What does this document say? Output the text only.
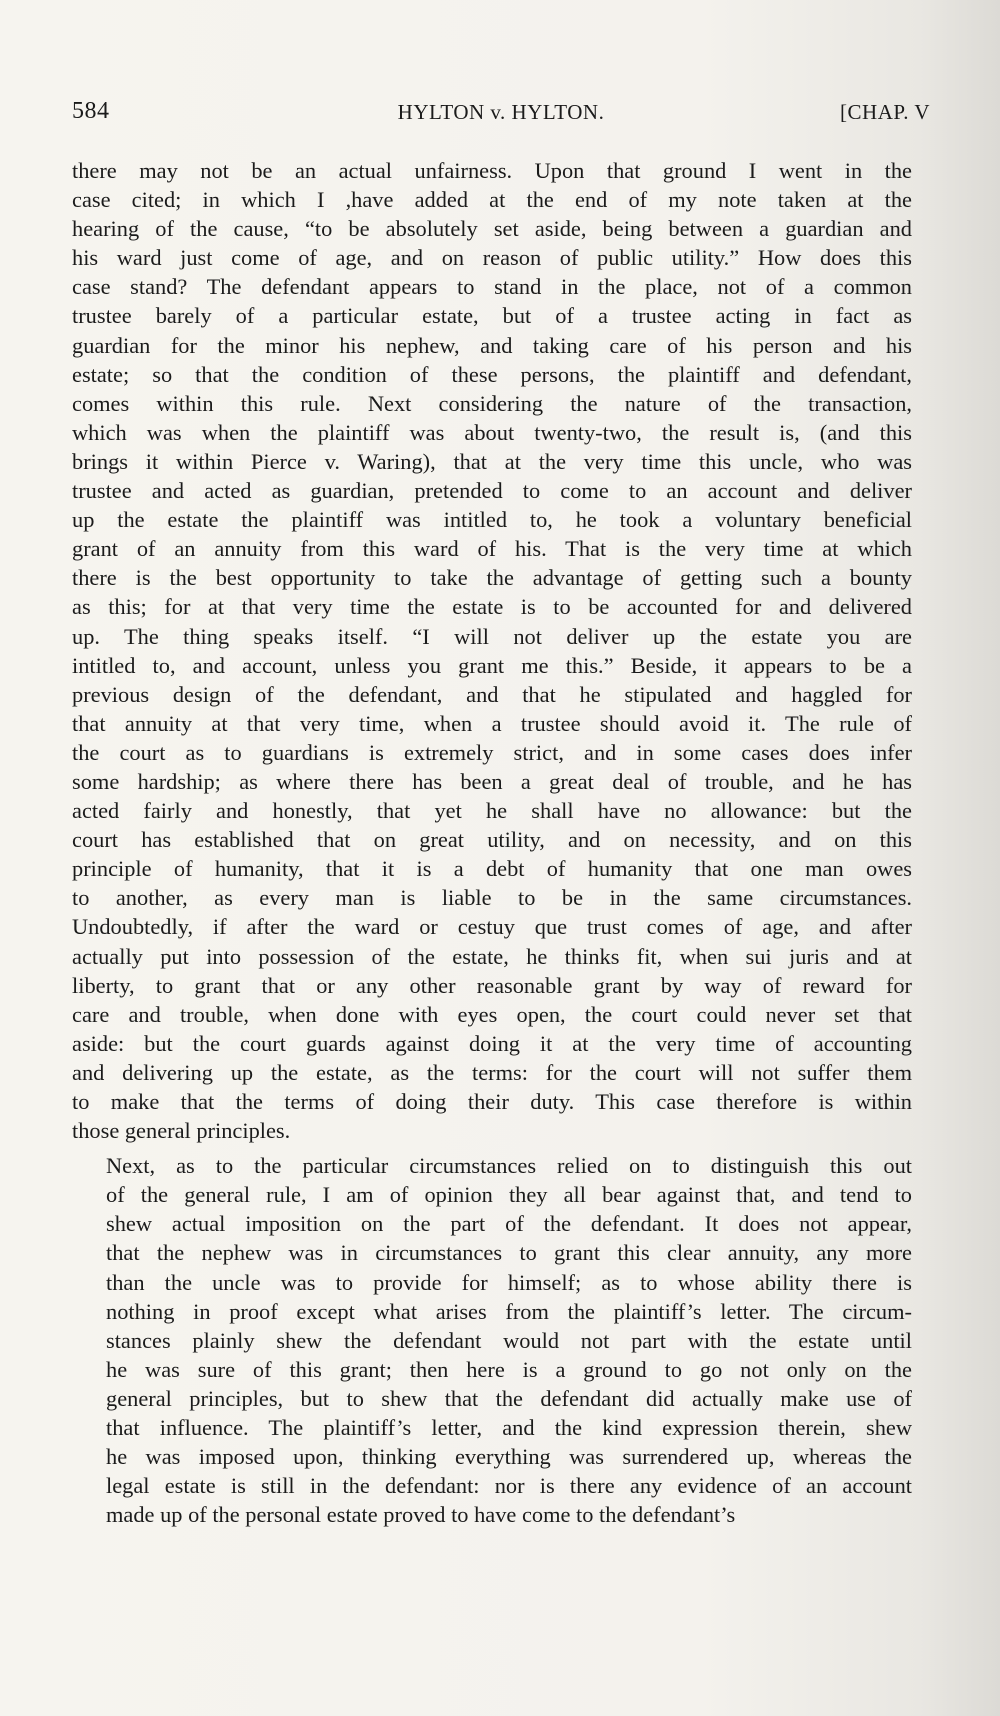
584	HYLTON v. HYLTON.	[CHAP. V

there may not be an actual unfairness. Upon that ground I went in the
case cited; in which I ,have added at the end of my note taken at the
hearing of the cause, “to be absolutely set aside, being between a guardian and
his ward just come of age, and on reason of public utility.” How does this
case stand? The defendant appears to stand in the place, not of a common
trustee barely of a particular estate, but of a trustee acting in fact as
guardian for the minor his nephew, and taking care of his person and his
estate; so that the condition of these persons, the plaintiff and defendant,
comes within this rule. Next considering the nature of the transaction,
which was when the plaintiff was about twenty-two, the result is, (and this
brings it within Pierce v. Waring), that at the very time this uncle, who was
trustee and acted as guardian, pretended to come to an account and deliver
up the estate the plaintiff was intitled to, he took a voluntary beneficial
grant of an annuity from this ward of his. That is the very time at which
there is the best opportunity to take the advantage of getting such a bounty
as this; for at that very time the estate is to be accounted for and delivered
up. The thing speaks itself. “I will not deliver up the estate you are
intitled to, and account, unless you grant me this.” Beside, it appears to be a
previous design of the defendant, and that he stipulated and haggled for
that annuity at that very time, when a trustee should avoid it. The rule of
the court as to guardians is extremely strict, and in some cases does infer
some hardship; as where there has been a great deal of trouble, and he has
acted fairly and honestly, that yet he shall have no allowance: but the
court has established that on great utility, and on necessity, and on this
principle of humanity, that it is a debt of humanity that one man owes
to another, as every man is liable to be in the same circumstances.
Undoubtedly, if after the ward or cestuy que trust comes of age, and after
actually put into possession of the estate, he thinks fit, when sui juris and at
liberty, to grant that or any other reasonable grant by way of reward for
care and trouble, when done with eyes open, the court could never set that
aside: but the court guards against doing it at the very time of accounting
and delivering up the estate, as the terms: for the court will not suffer them
to make that the terms of doing their duty. This case therefore is within
those general principles.

Next, as to the particular circumstances relied on to distinguish this out
of the general rule, I am of opinion they all bear against that, and tend to
shew actual imposition on the part of the defendant. It does not appear,
that the nephew was in circumstances to grant this clear annuity, any more
than the uncle was to provide for himself; as to whose ability there is
nothing in proof except what arises from the plaintiff’s letter. The circum-
stances plainly shew the defendant would not part with the estate until
he was sure of this grant; then here is a ground to go not only on the
general principles, but to shew that the defendant did actually make use of
that influence. The plaintiff’s letter, and the kind expression therein, shew
he was imposed upon, thinking everything was surrendered up, whereas the
legal estate is still in the defendant: nor is there any evidence of an account
made up of the personal estate proved to have come to the defendant’s
